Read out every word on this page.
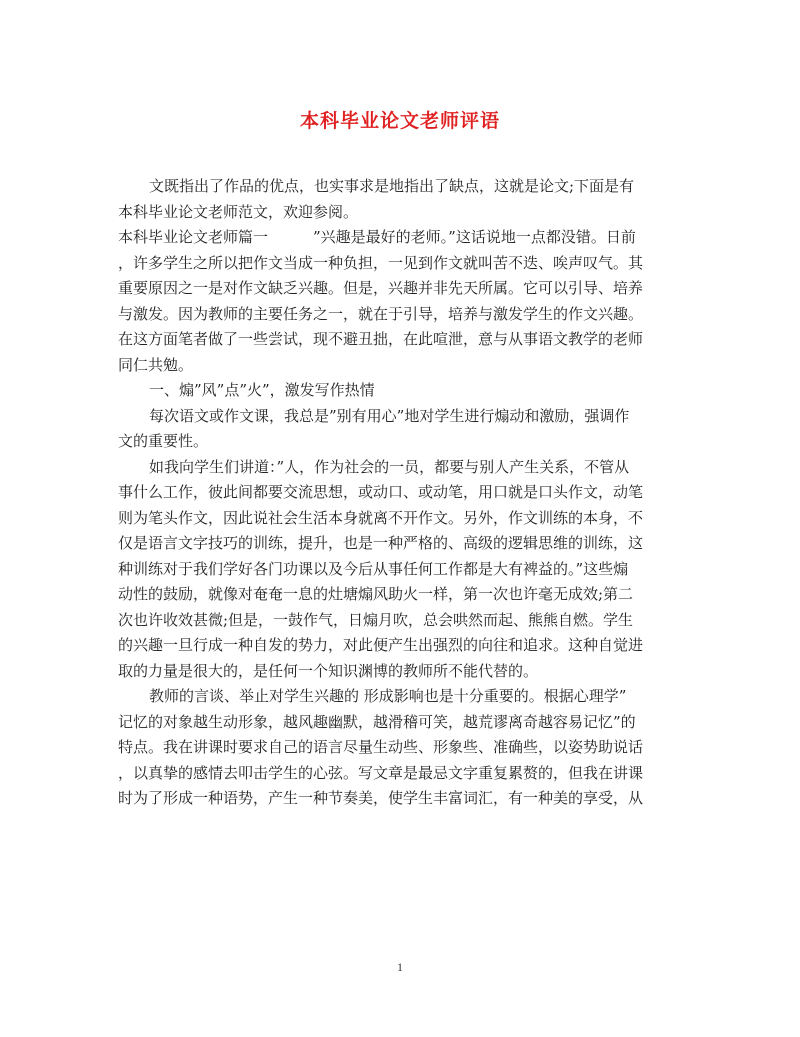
本科毕业论文老师评语
文既指出了作品的优点，也实事求是地指出了缺点，这就是论文;下面是有
本科毕业论文老师范文，欢迎参阅。
本科毕业论文老师篇一　　　”兴趣是最好的老师。”这话说地一点都没错。日前
，许多学生之所以把作文当成一种负担，一见到作文就叫苦不迭、唉声叹气。其
重要原因之一是对作文缺乏兴趣。但是，兴趣并非先天所属。它可以引导、培养
与激发。因为教师的主要任务之一，就在于引导，培养与激发学生的作文兴趣。
在这方面笔者做了一些尝试，现不避丑拙，在此喧泄，意与从事语文教学的老师
同仁共勉。
一、煽”风”点”火”，激发写作热情
每次语文或作文课，我总是”别有用心”地对学生进行煽动和激励，强调作
文的重要性。
如我向学生们讲道：”人，作为社会的一员，都要与别人产生关系，不管从
事什么工作，彼此间都要交流思想，或动口、或动笔，用口就是口头作文，动笔
则为笔头作文，因此说社会生活本身就离不开作文。另外，作文训练的本身，不
仅是语言文字技巧的训练，提升，也是一种严格的、高级的逻辑思维的训练，这
种训练对于我们学好各门功课以及今后从事任何工作都是大有裨益的。”这些煽
动性的鼓励，就像对奄奄一息的灶塘煽风助火一样，第一次也许毫无成效;第二
次也许收效甚微;但是，一鼓作气，日煽月吹，总会哄然而起、熊熊自燃。学生
的兴趣一旦行成一种自发的势力，对此便产生出强烈的向往和追求。这种自觉进
取的力量是很大的，是任何一个知识渊博的教师所不能代替的。
教师的言谈、举止对学生兴趣的 形成影响也是十分重要的。根据心理学”
记忆的对象越生动形象，越风趣幽默，越滑稽可笑，越荒谬离奇越容易记忆”的
特点。我在讲课时要求自己的语言尽量生动些、形象些、准确些，以姿势助说话
，以真挚的感情去叩击学生的心弦。写文章是最忌文字重复累赘的，但我在讲课
时为了形成一种语势，产生一种节奏美，使学生丰富词汇，有一种美的享受，从
1
